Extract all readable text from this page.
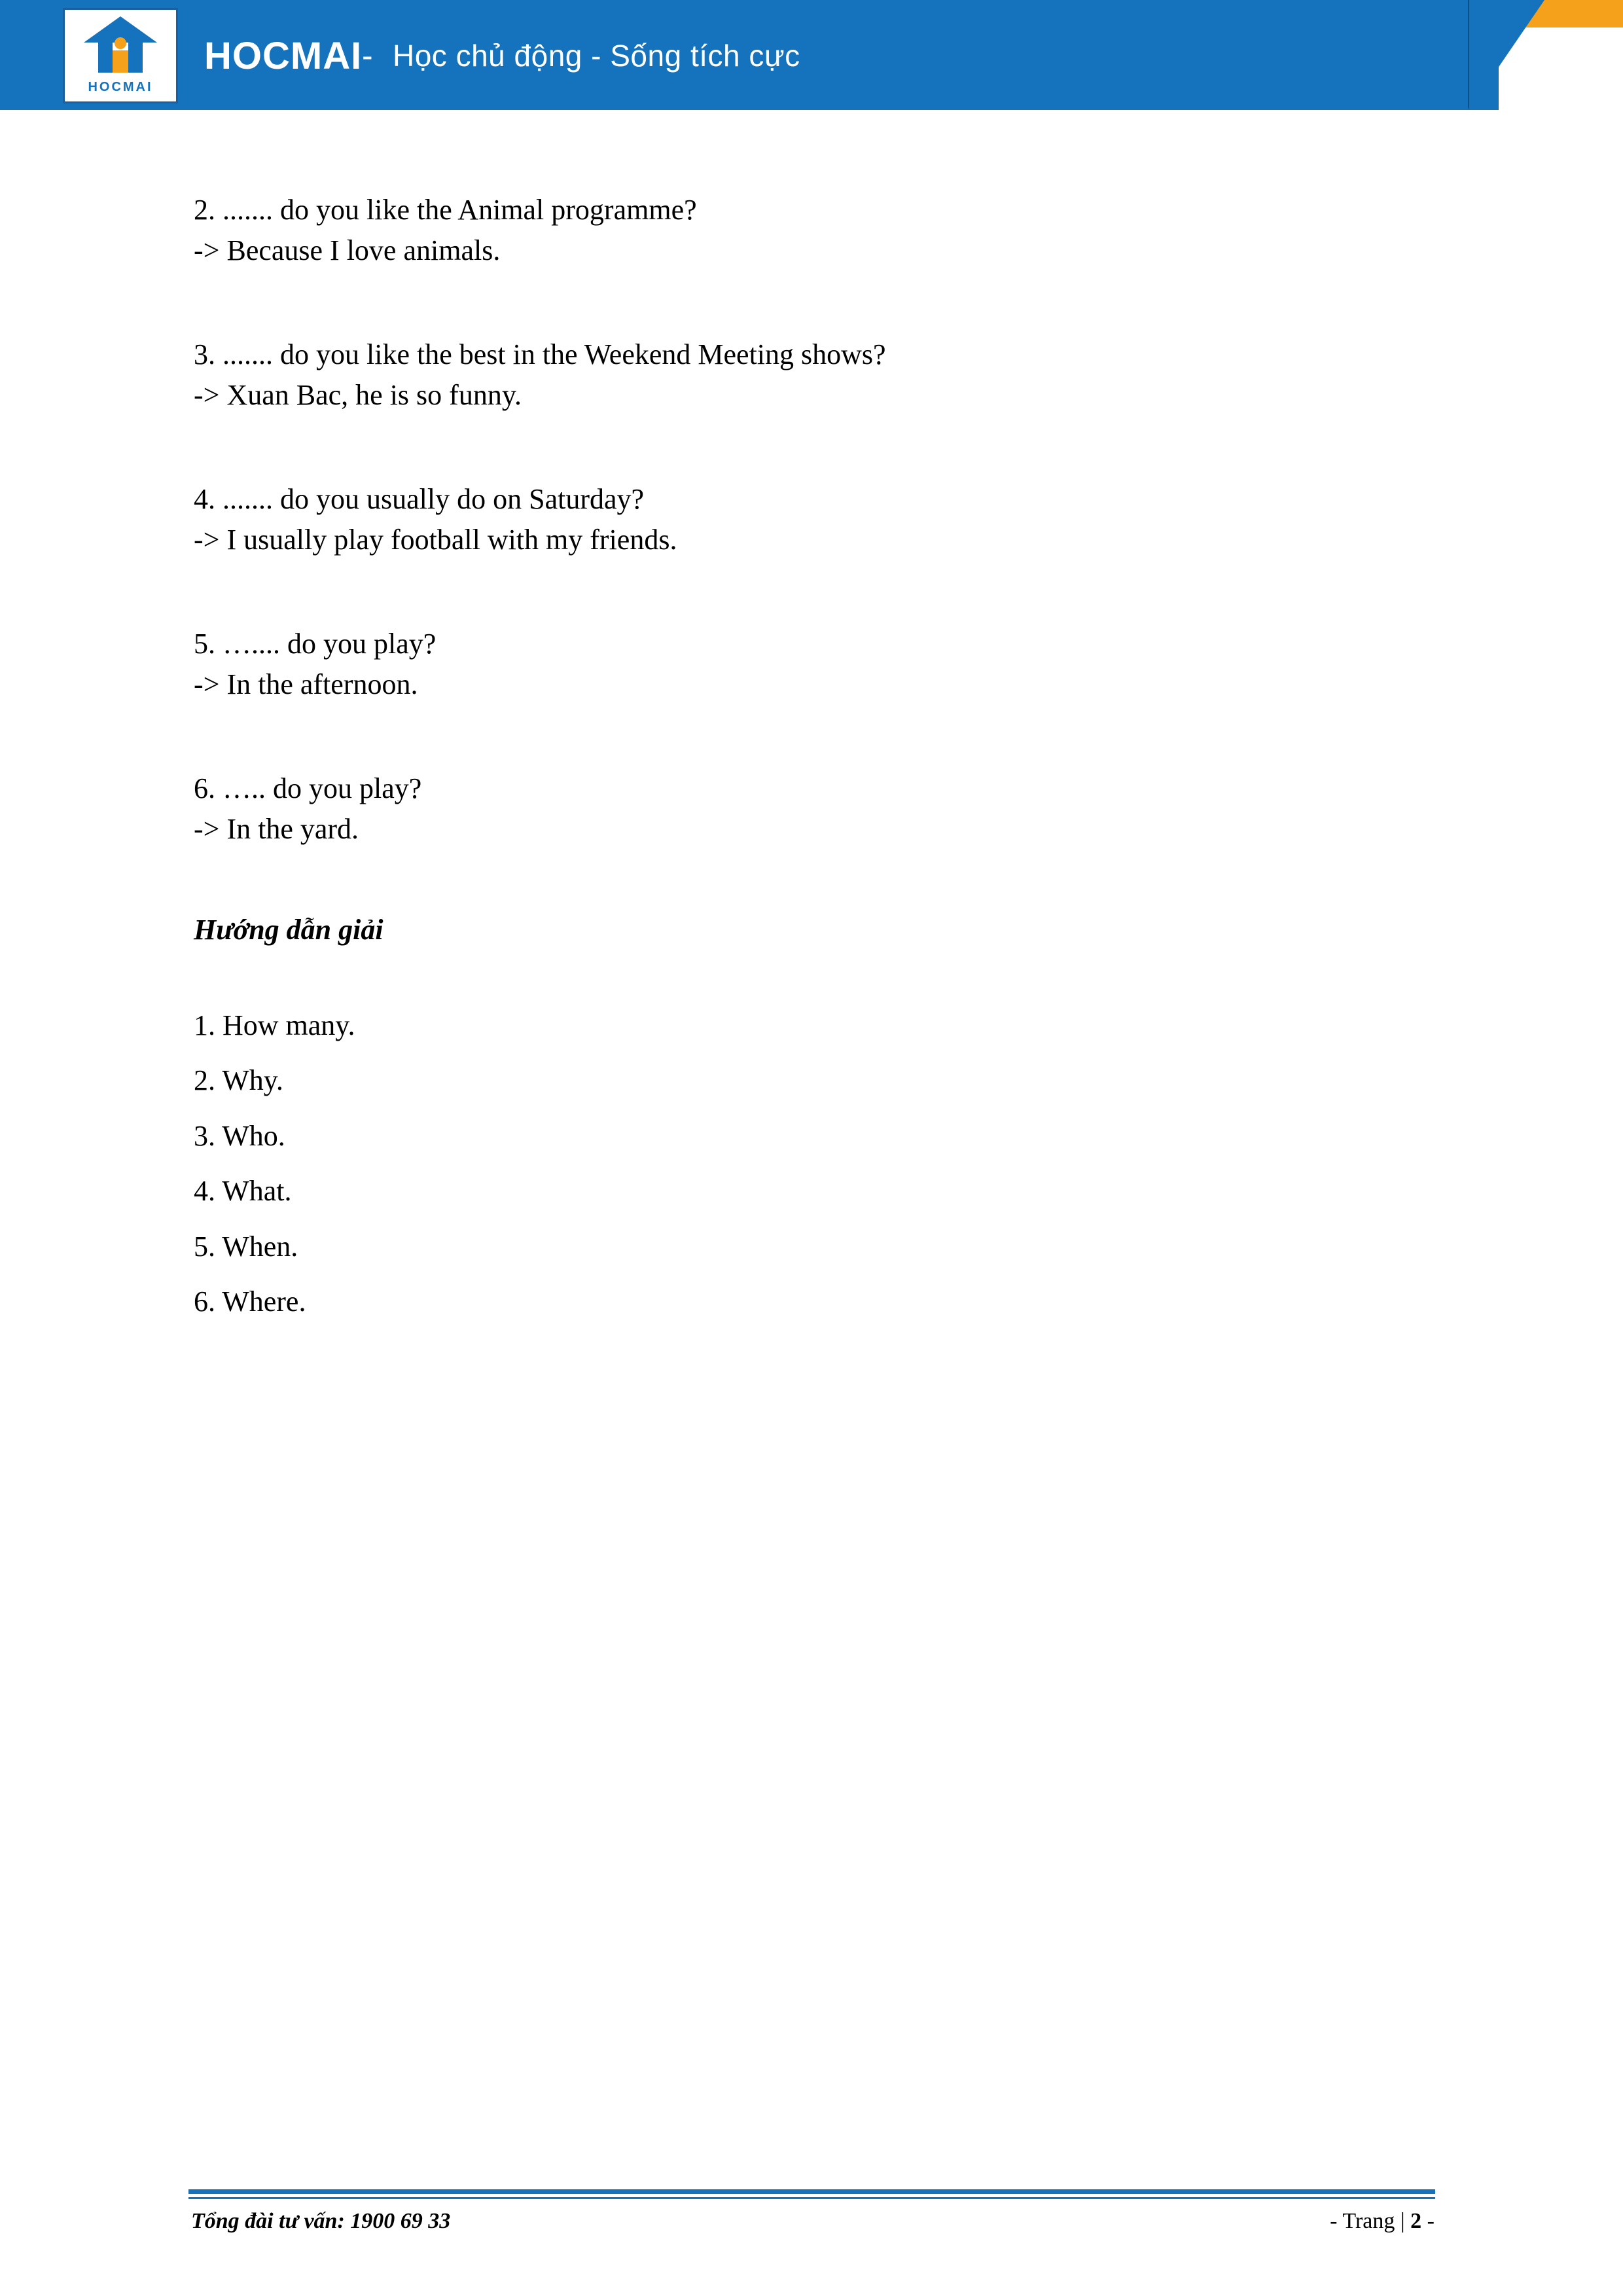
HOCMAI
HOCMAI - Học chủ động - Sống tích cực
2. ....... do you like the Animal programme?
-> Because I love animals.
3. ....... do you like the best in the Weekend Meeting shows?
-> Xuan Bac, he is so funny.
4. ....... do you usually do on Saturday?
-> I usually play football with my friends.
5. ….... do you play?
-> In the afternoon.
6. ….. do you play?
-> In the yard.
Hướng dẫn giải
1. How many.
2. Why.
3. Who.
4. What.
5. When.
6. Where.
Tổng đài tư vấn: 1900 69 33	- Trang | 2 -
